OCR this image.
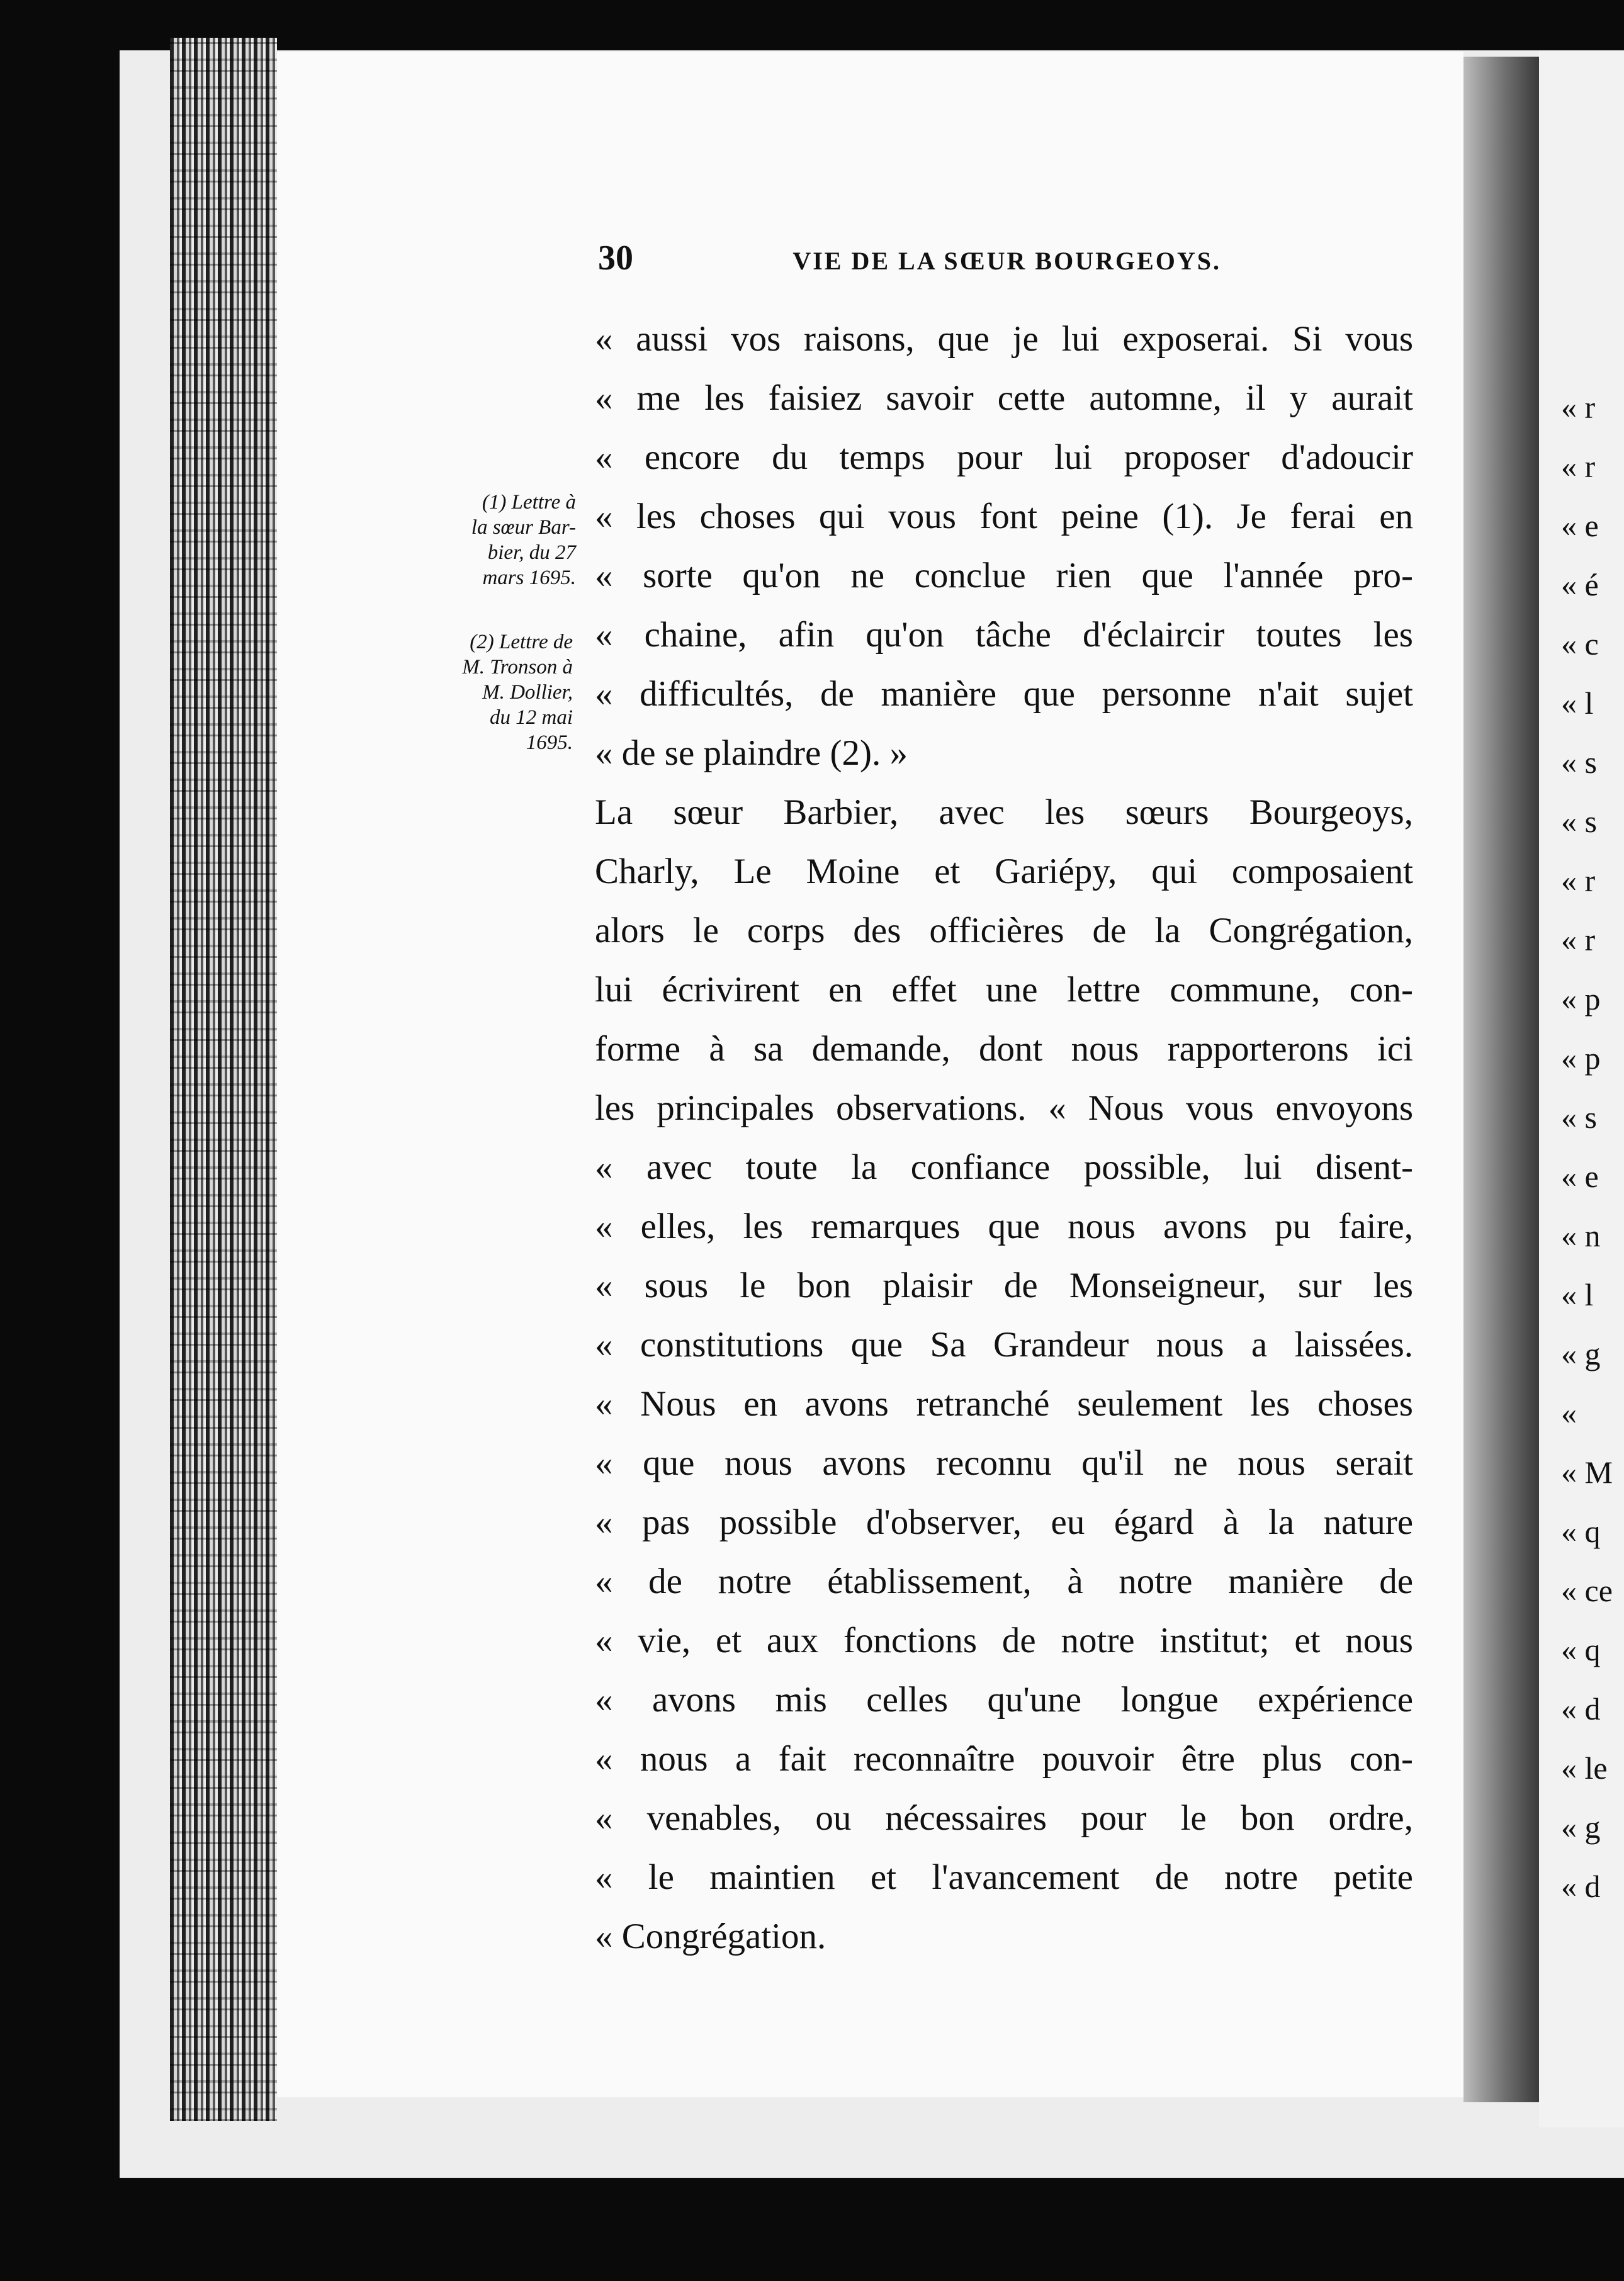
30	VIE DE LA SŒUR BOURGEOYS.
(1) Lettre à
la sœur Bar-
bier, du 27
mars 1695.
(2) Lettre de
M. Tronson à
M. Dollier,
du 12 mai
1695.
« aussi vos raisons, que je lui exposerai. Si vous
« me les faisiez savoir cette automne, il y aurait
« encore du temps pour lui proposer d'adoucir
« les choses qui vous font peine (1). Je ferai en
« sorte qu'on ne conclue rien que l'année pro-
« chaine, afin qu'on tâche d'éclaircir toutes les
« difficultés, de manière que personne n'ait sujet
« de se plaindre (2). »
La sœur Barbier, avec les sœurs Bourgeoys,
Charly, Le Moine et Gariépy, qui composaient
alors le corps des officières de la Congrégation,
lui écrivirent en effet une lettre commune, con-
forme à sa demande, dont nous rapporterons ici
les principales observations. « Nous vous envoyons
« avec toute la confiance possible, lui disent-
« elles, les remarques que nous avons pu faire,
« sous le bon plaisir de Monseigneur, sur les
« constitutions que Sa Grandeur nous a laissées.
« Nous en avons retranché seulement les choses
« que nous avons reconnu qu'il ne nous serait
« pas possible d'observer, eu égard à la nature
« de notre établissement, à notre manière de
« vie, et aux fonctions de notre institut; et nous
« avons mis celles qu'une longue expérience
« nous a fait reconnaître pouvoir être plus con-
« venables, ou nécessaires pour le bon ordre,
« le maintien et l'avancement de notre petite
« Congrégation.
« r
« r
« e
« é
« c
« l
« s
« s
« r
« r
« p
« p
« s
« e
« n
« l
« g
«
« M
« q
« ce
« q
« d
« le
« g
« d
